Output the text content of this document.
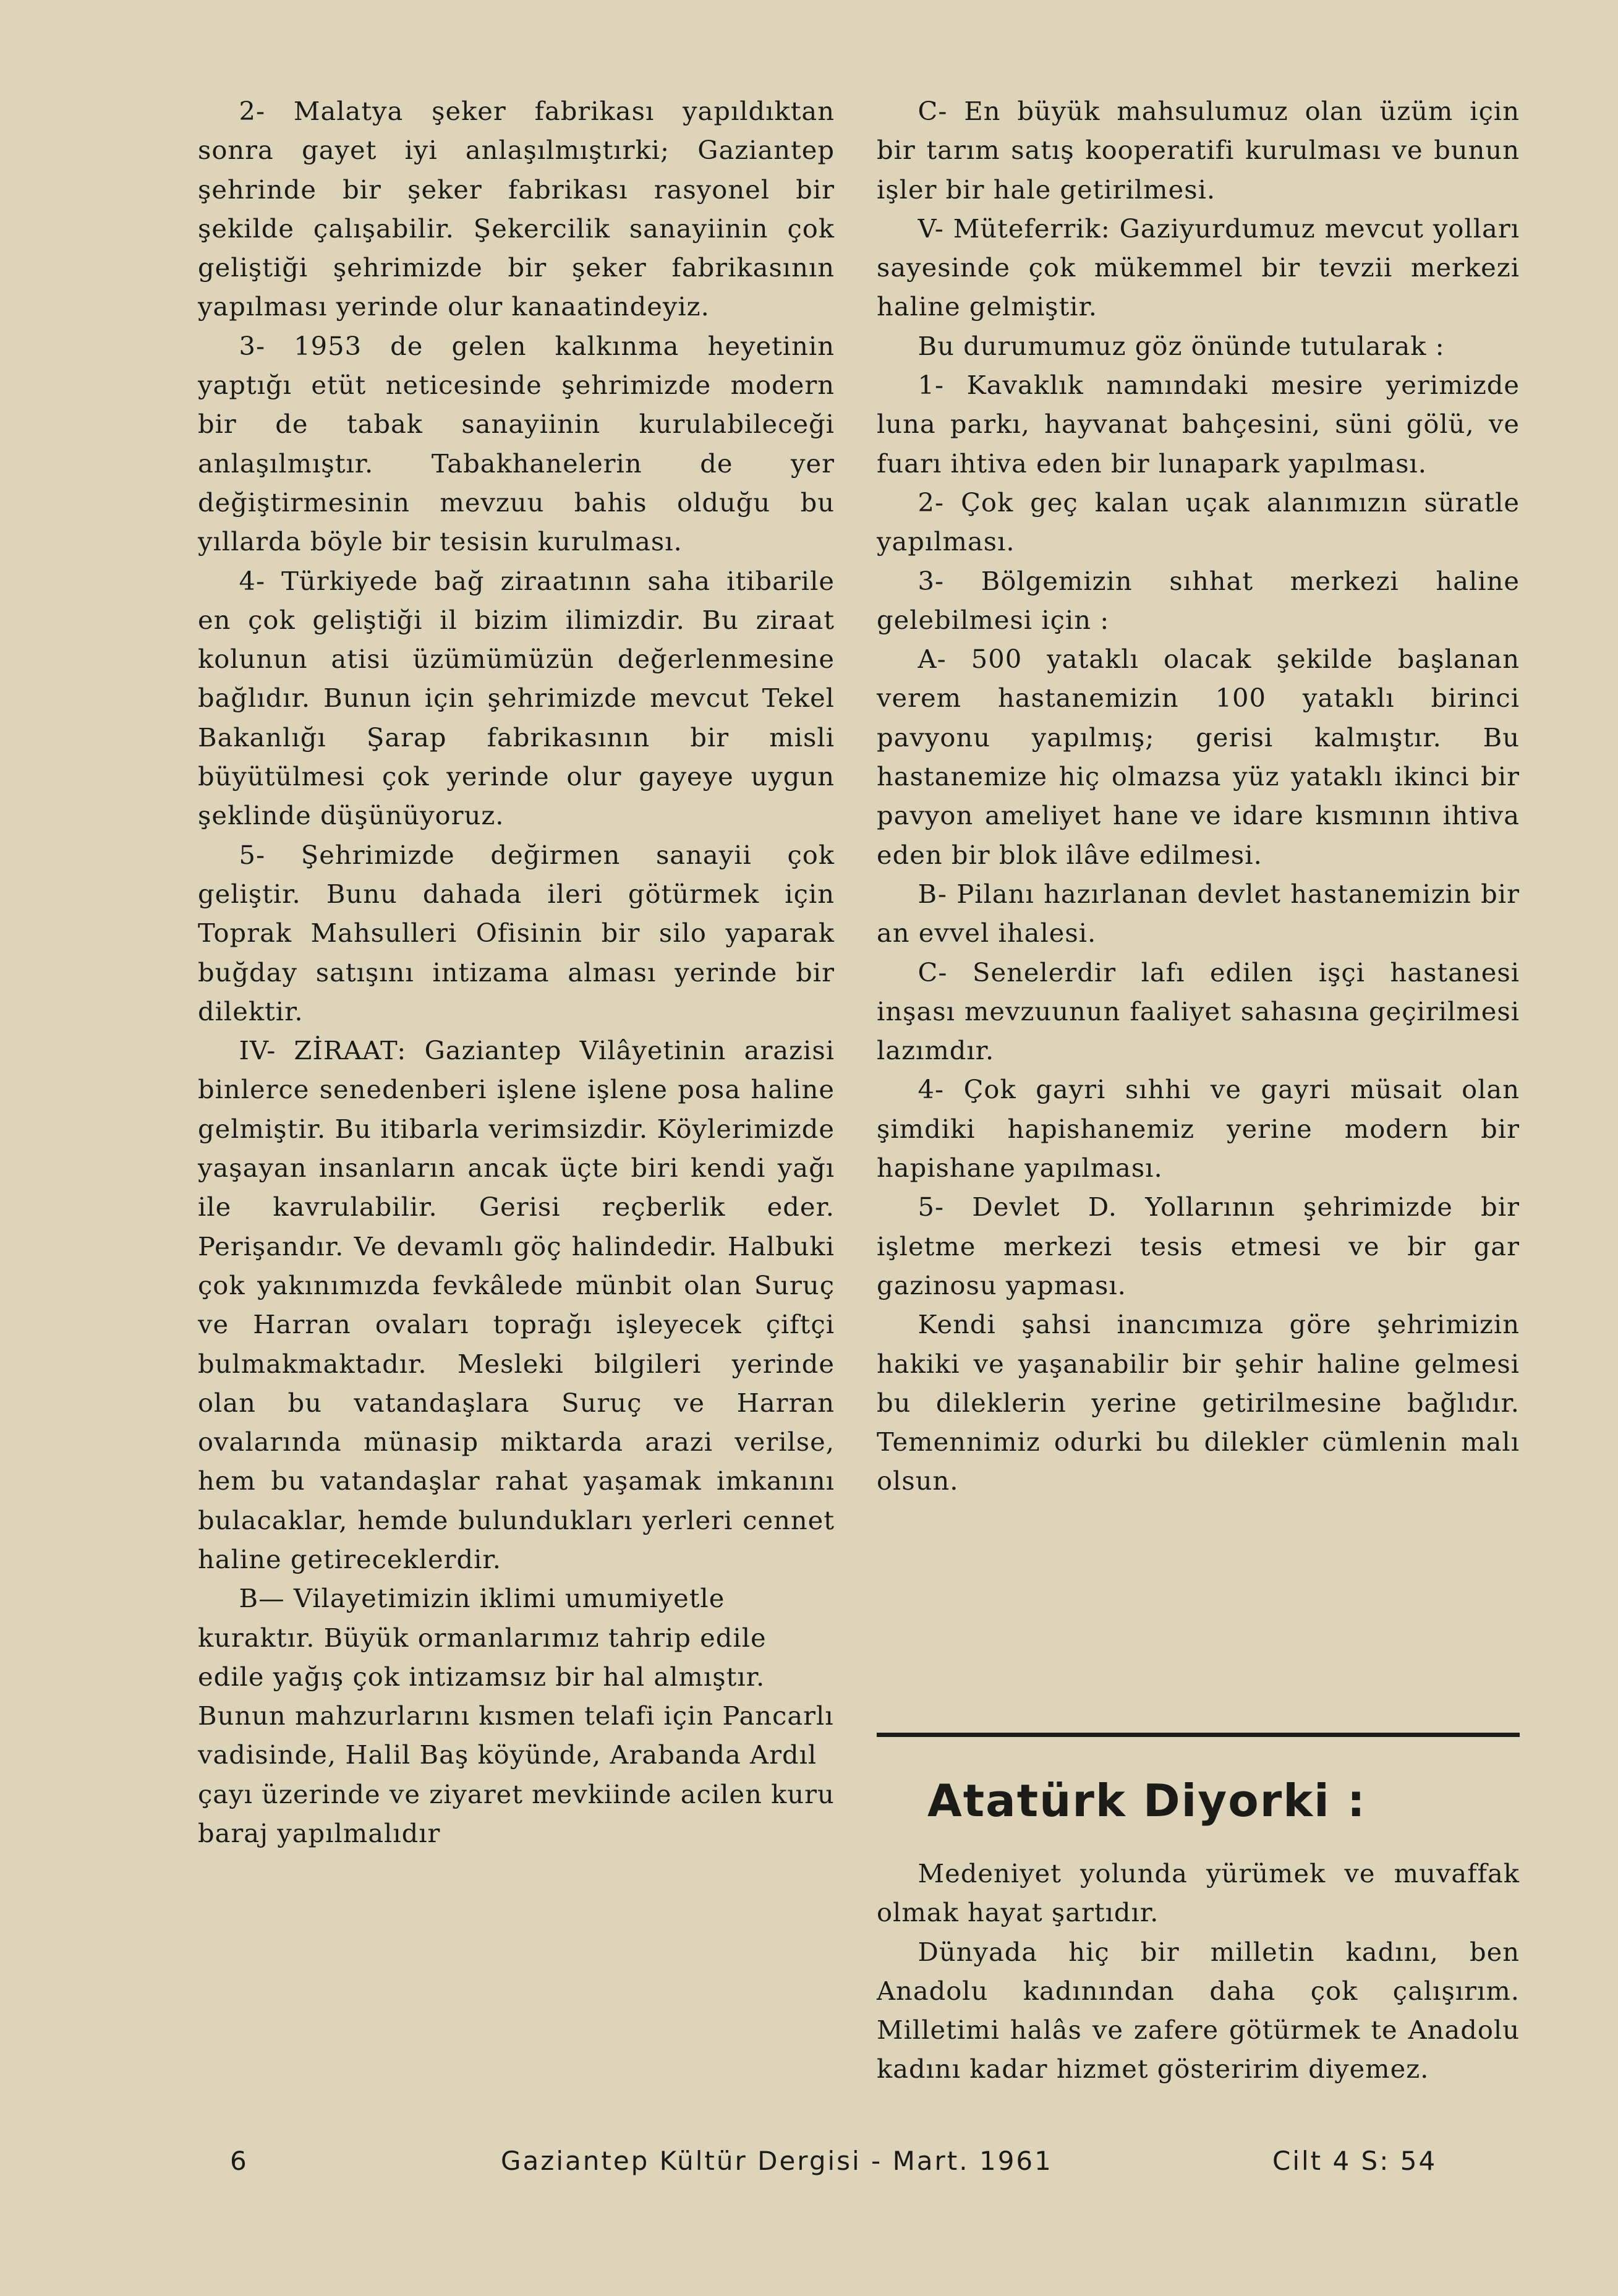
2- Malatya şeker fabrikası yapıldıktan sonra gayet iyi anlaşılmıştırki; Gaziantep şehrinde bir şeker fabrikası rasyonel bir şekilde çalışabilir. Şekercilik sanayiinin çok geliştiği şehrimizde bir şeker fabrikasının yapılması yerinde olur kanaatindeyiz.

3- 1953 de gelen kalkınma heyetinin yaptığı etüt neticesinde şehrimizde modern bir de tabak sanayiinin kurulabileceği anlaşılmıştır. Tabakhanelerin de yer değiştirmesinin mevzuu bahis olduğu bu yıllarda böyle bir tesisin kurulması.

4- Türkiyede bağ ziraatının saha itibarile en çok geliştiği il bizim ilimizdir. Bu ziraat kolunun atisi üzümümüzün değerlenmesine bağlıdır. Bunun için şehrimizde mevcut Tekel Bakanlığı Şarap fabrikasının bir misli büyütülmesi çok yerinde olur gayeye uygun şeklinde düşünüyoruz.

5- Şehrimizde değirmen sanayii çok geliştir. Bunu dahada ileri götürmek için Toprak Mahsulleri Ofisinin bir silo yaparak buğday satışını intizama alması yerinde bir dilektir.

IV- ZİRAAT: Gaziantep Vilâyetinin arazisi binlerce senedenberi işlene işlene posa haline gelmiştir. Bu itibarla verimsizdir. Köylerimizde yaşayan insanların ancak üçte biri kendi yağı ile kavrulabilir. Gerisi reçberlik eder. Perişandır. Ve devamlı göç halindedir. Halbuki çok yakınımızda fevkâlede münbit olan Suruç ve Harran ovaları toprağı işleyecek çiftçi bulmakmaktadır. Mesleki bilgileri yerinde olan bu vatandaşlara Suruç ve Harran ovalarında münasip miktarda arazi verilse, hem bu vatandaşlar rahat yaşamak imkanını bulacaklar, hemde bulundukları yerleri cennet haline getireceklerdir.

B— Vilayetimizin iklimi umumiyetle kuraktır. Büyük ormanlarımız tahrip edile edile yağış çok intizamsız bir hal almıştır. Bunun mahzurlarını kısmen telafi için Pancarlı vadisinde, Halil Baş köyünde, Arabanda Ardıl çayı üzerinde ve ziyaret mevkiinde acilen kuru baraj yapılmalıdır

C- En büyük mahsulumuz olan üzüm için bir tarım satış kooperatifi kurulması ve bunun işler bir hale getirilmesi.

V- Müteferrik: Gaziyurdumuz mevcut yolları sayesinde çok mükemmel bir tevzii merkezi haline gelmiştir.

Bu durumumuz göz önünde tutularak :

1- Kavaklık namındaki mesire yerimizde luna parkı, hayvanat bahçesini, süni gölü, ve fuarı ihtiva eden bir lunapark yapılması.

2- Çok geç kalan uçak alanımızın süratle yapılması.

3- Bölgemizin sıhhat merkezi haline gelebilmesi için :

A- 500 yataklı olacak şekilde başlanan verem hastanemizin 100 yataklı birinci pavyonu yapılmış; gerisi kalmıştır. Bu hastanemize hiç olmazsa yüz yataklı ikinci bir pavyon ameliyet hane ve idare kısmının ihtiva eden bir blok ilâve edilmesi.

B- Pilanı hazırlanan devlet hastanemizin bir an evvel ihalesi.

C- Senelerdir lafı edilen işçi hastanesi inşası mevzuunun faaliyet sahasına geçirilmesi lazımdır.

4- Çok gayri sıhhi ve gayri müsait olan şimdiki hapishanemiz yerine modern bir hapishane yapılması.

5- Devlet D. Yollarının şehrimizde bir işletme merkezi tesis etmesi ve bir gar gazinosu yapması.

Kendi şahsi inancımıza göre şehrimizin hakiki ve yaşanabilir bir şehir haline gelmesi bu dileklerin yerine getirilmesine bağlıdır. Temennimiz odurki bu dilekler cümlenin malı olsun.

Atatürk Diyorki :

Medeniyet yolunda yürümek ve muvaffak olmak hayat şartıdır.

Dünyada hiç bir milletin kadını, ben Anadolu kadınından daha çok çalışırım. Milletimi halâs ve zafere götürmek te Anadolu kadını kadar hizmet gösteririm diyemez.

6	Gaziantep Kültür Dergisi - Mart. 1961	Cilt 4 S: 54
